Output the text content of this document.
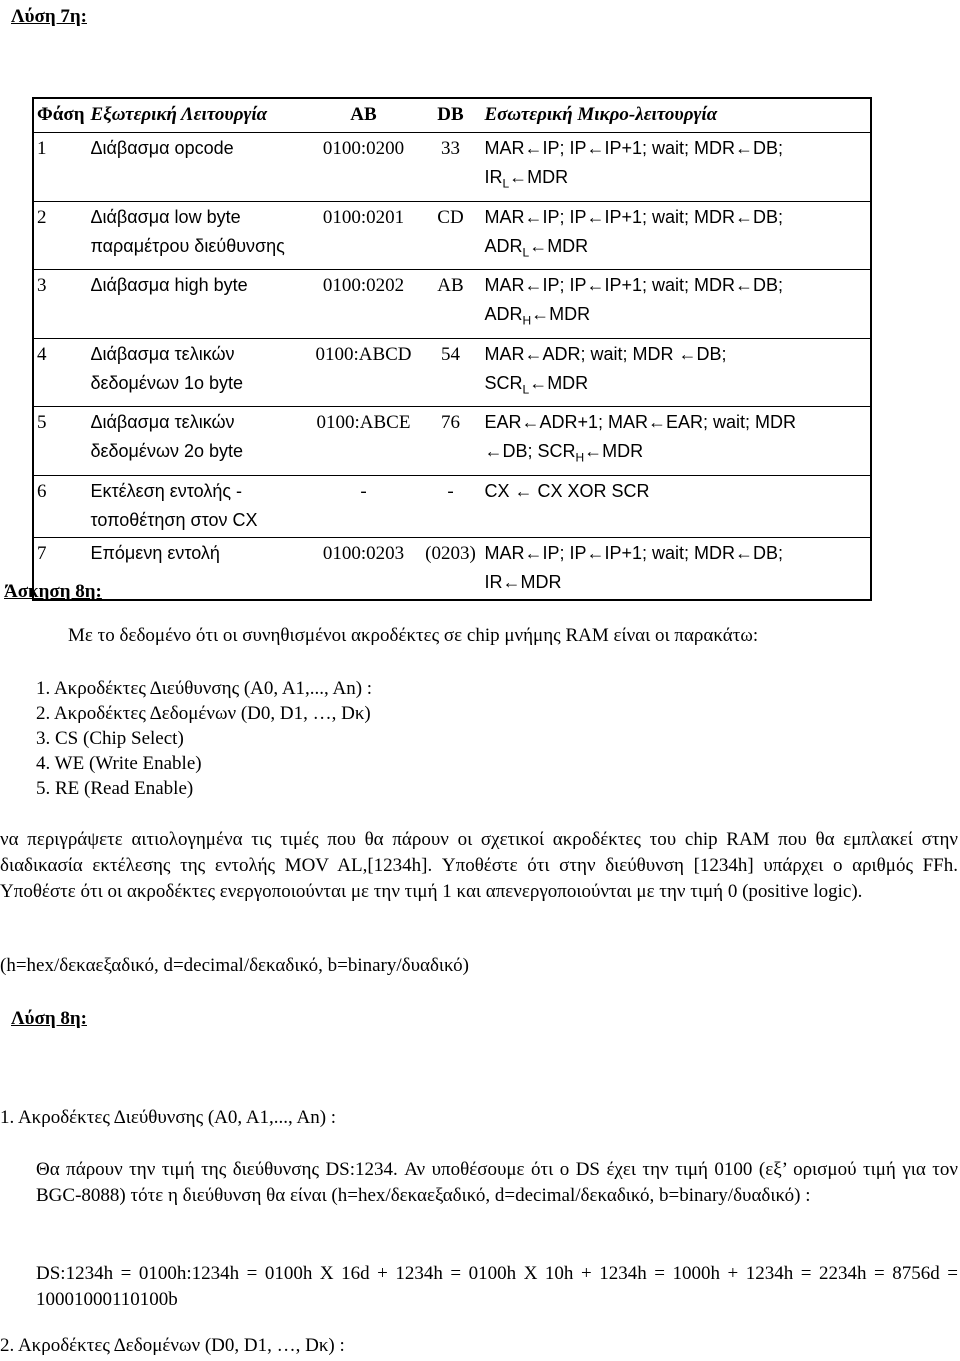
Λύση 7η:
Φάση	Εξωτερική Λειτουργία	AB	DB	Εσωτερική Μικρο-λειτουργία
1	Διάβασμα opcode	0100:0200	33	MAR←IP; IP←IP+1; wait; MDR←DB;
$IR_L\leftarrow MDR$

2	Διάβασμα low byte παραμέτρου διεύθυνσης	0100:0201	CD	MAR←IP; IP←IP+1; wait; MDR←DB;
$ADR_L\leftarrow MDR$

3	Διάβασμα high byte	0100:0202	AB	MAR←IP; IP←IP+1; wait; MDR←DB;
$ADR_H\leftarrow MDR$

4	Διάβασμα τελικών δεδομένων 1ο byte	0100:ABCD	54	MAR←ADR; wait; MDR ←DB;
$SCR_L\leftarrow MDR$

5	Διάβασμα τελικών δεδομένων 2ο byte	0100:ABCE	76	EAR←ADR+1; MAR←EAR; wait; MDR
←DB; $SCR_H\leftarrow MDR$

6	Εκτέλεση εντολής - τοποθέτηση στον CX	-	-	CX ← CX XOR SCR

7	Επόμενη εντολή	0100:0203	(0203)	MAR←IP; IP←IP+1; wait; MDR←DB;
IR←MDR
Άσκηση 8η:
Με το δεδομένο ότι οι συνηθισμένοι ακροδέκτες σε chip μνήμης RAM είναι οι παρακάτω:
1. Ακροδέκτες Διεύθυνσης (A0, A1,..., An) :
2. Ακροδέκτες Δεδομένων (D0, D1, …, Dκ)
3. CS (Chip Select)
4. WE (Write Enable)
5. RE (Read Enable)
να περιγράψετε αιτιολογημένα τις τιμές που θα πάρουν οι σχετικοί ακροδέκτες του chip RAM που θα εμπλακεί στην διαδικασία εκτέλεσης της εντολής MOV AL,[1234h]. Υποθέστε ότι στην διεύθυνση [1234h] υπάρχει ο αριθμός FFh. Υποθέστε ότι οι ακροδέκτες ενεργοποιούνται με την τιμή 1 και απενεργοποιούνται με την τιμή 0 (positive logic).
(h=hex/δεκαεξαδικό, d=decimal/δεκαδικό, b=binary/δυαδικό)
Λύση 8η:
1. Ακροδέκτες Διεύθυνσης (A0, A1,..., An) :
Θα πάρουν την τιμή της διεύθυνσης DS:1234. Αν υποθέσουμε ότι ο DS έχει την τιμή 0100 (εξ’ ορισμού τιμή για τον BGC-8088) τότε η διεύθυνση θα είναι (h=hex/δεκαεξαδικό, d=decimal/δεκαδικό, b=binary/δυαδικό) :
DS:1234h = 0100h:1234h = 0100h X 16d + 1234h = 0100h X 10h + 1234h = 1000h + 1234h = 2234h = 8756d = 10001000110100b
2. Ακροδέκτες Δεδομένων (D0, D1, …, Dκ) :
